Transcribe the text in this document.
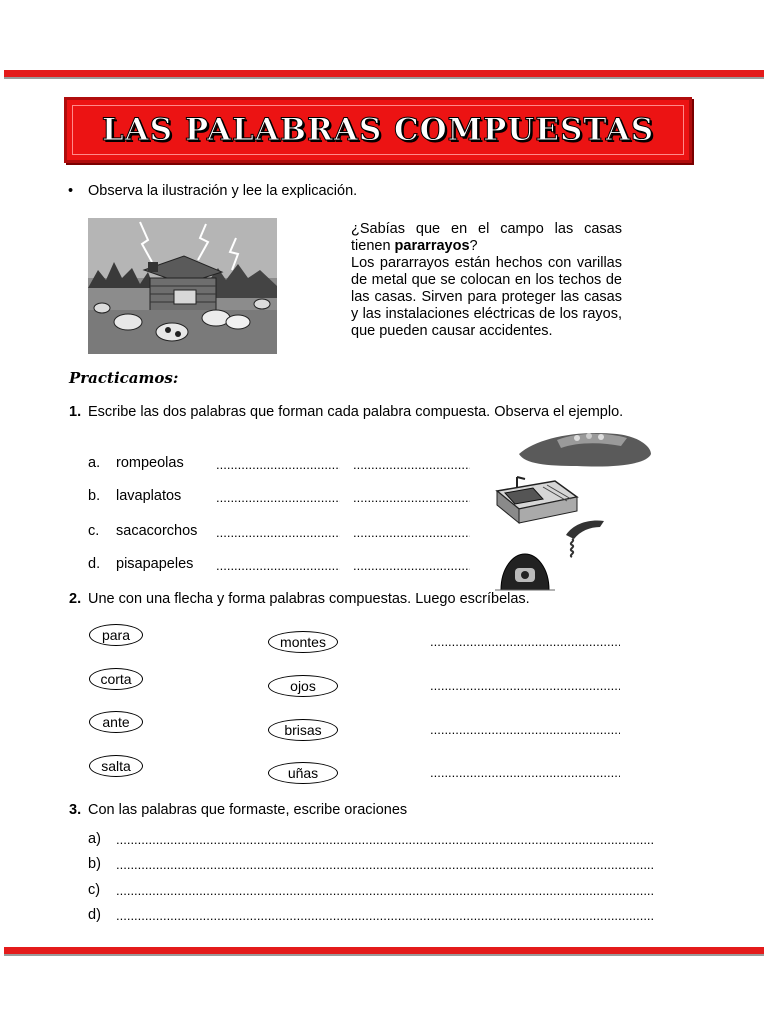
LAS PALABRAS COMPUESTAS
• Observa la ilustración y lee la explicación.
¿Sabías que en el campo las casas tienen pararrayos?
Los pararrayos están hechos con varillas de metal que se colocan en los techos de las casas. Sirven para proteger las casas y las instalaciones eléctricas de los rayos, que pueden causar accidentes.
Practicamos:
1. Escribe las dos palabras que forman cada palabra compuesta. Observa el ejemplo.
a. rompeolas
.....
.....
b. lavaplatos
.....
.....
c. sacacorchos
.....
.....
d. pisapapeles
.....
.....
2. Une con una flecha y forma palabras compuestas. Luego escríbelas.
para
corta
ante
salta
montes
ojos
brisas
uñas
.....
.....
.....
.....
3. Con las palabras que formaste, escribe oraciones
a)
.....
b)
.....
c)
.....
d)
.....
